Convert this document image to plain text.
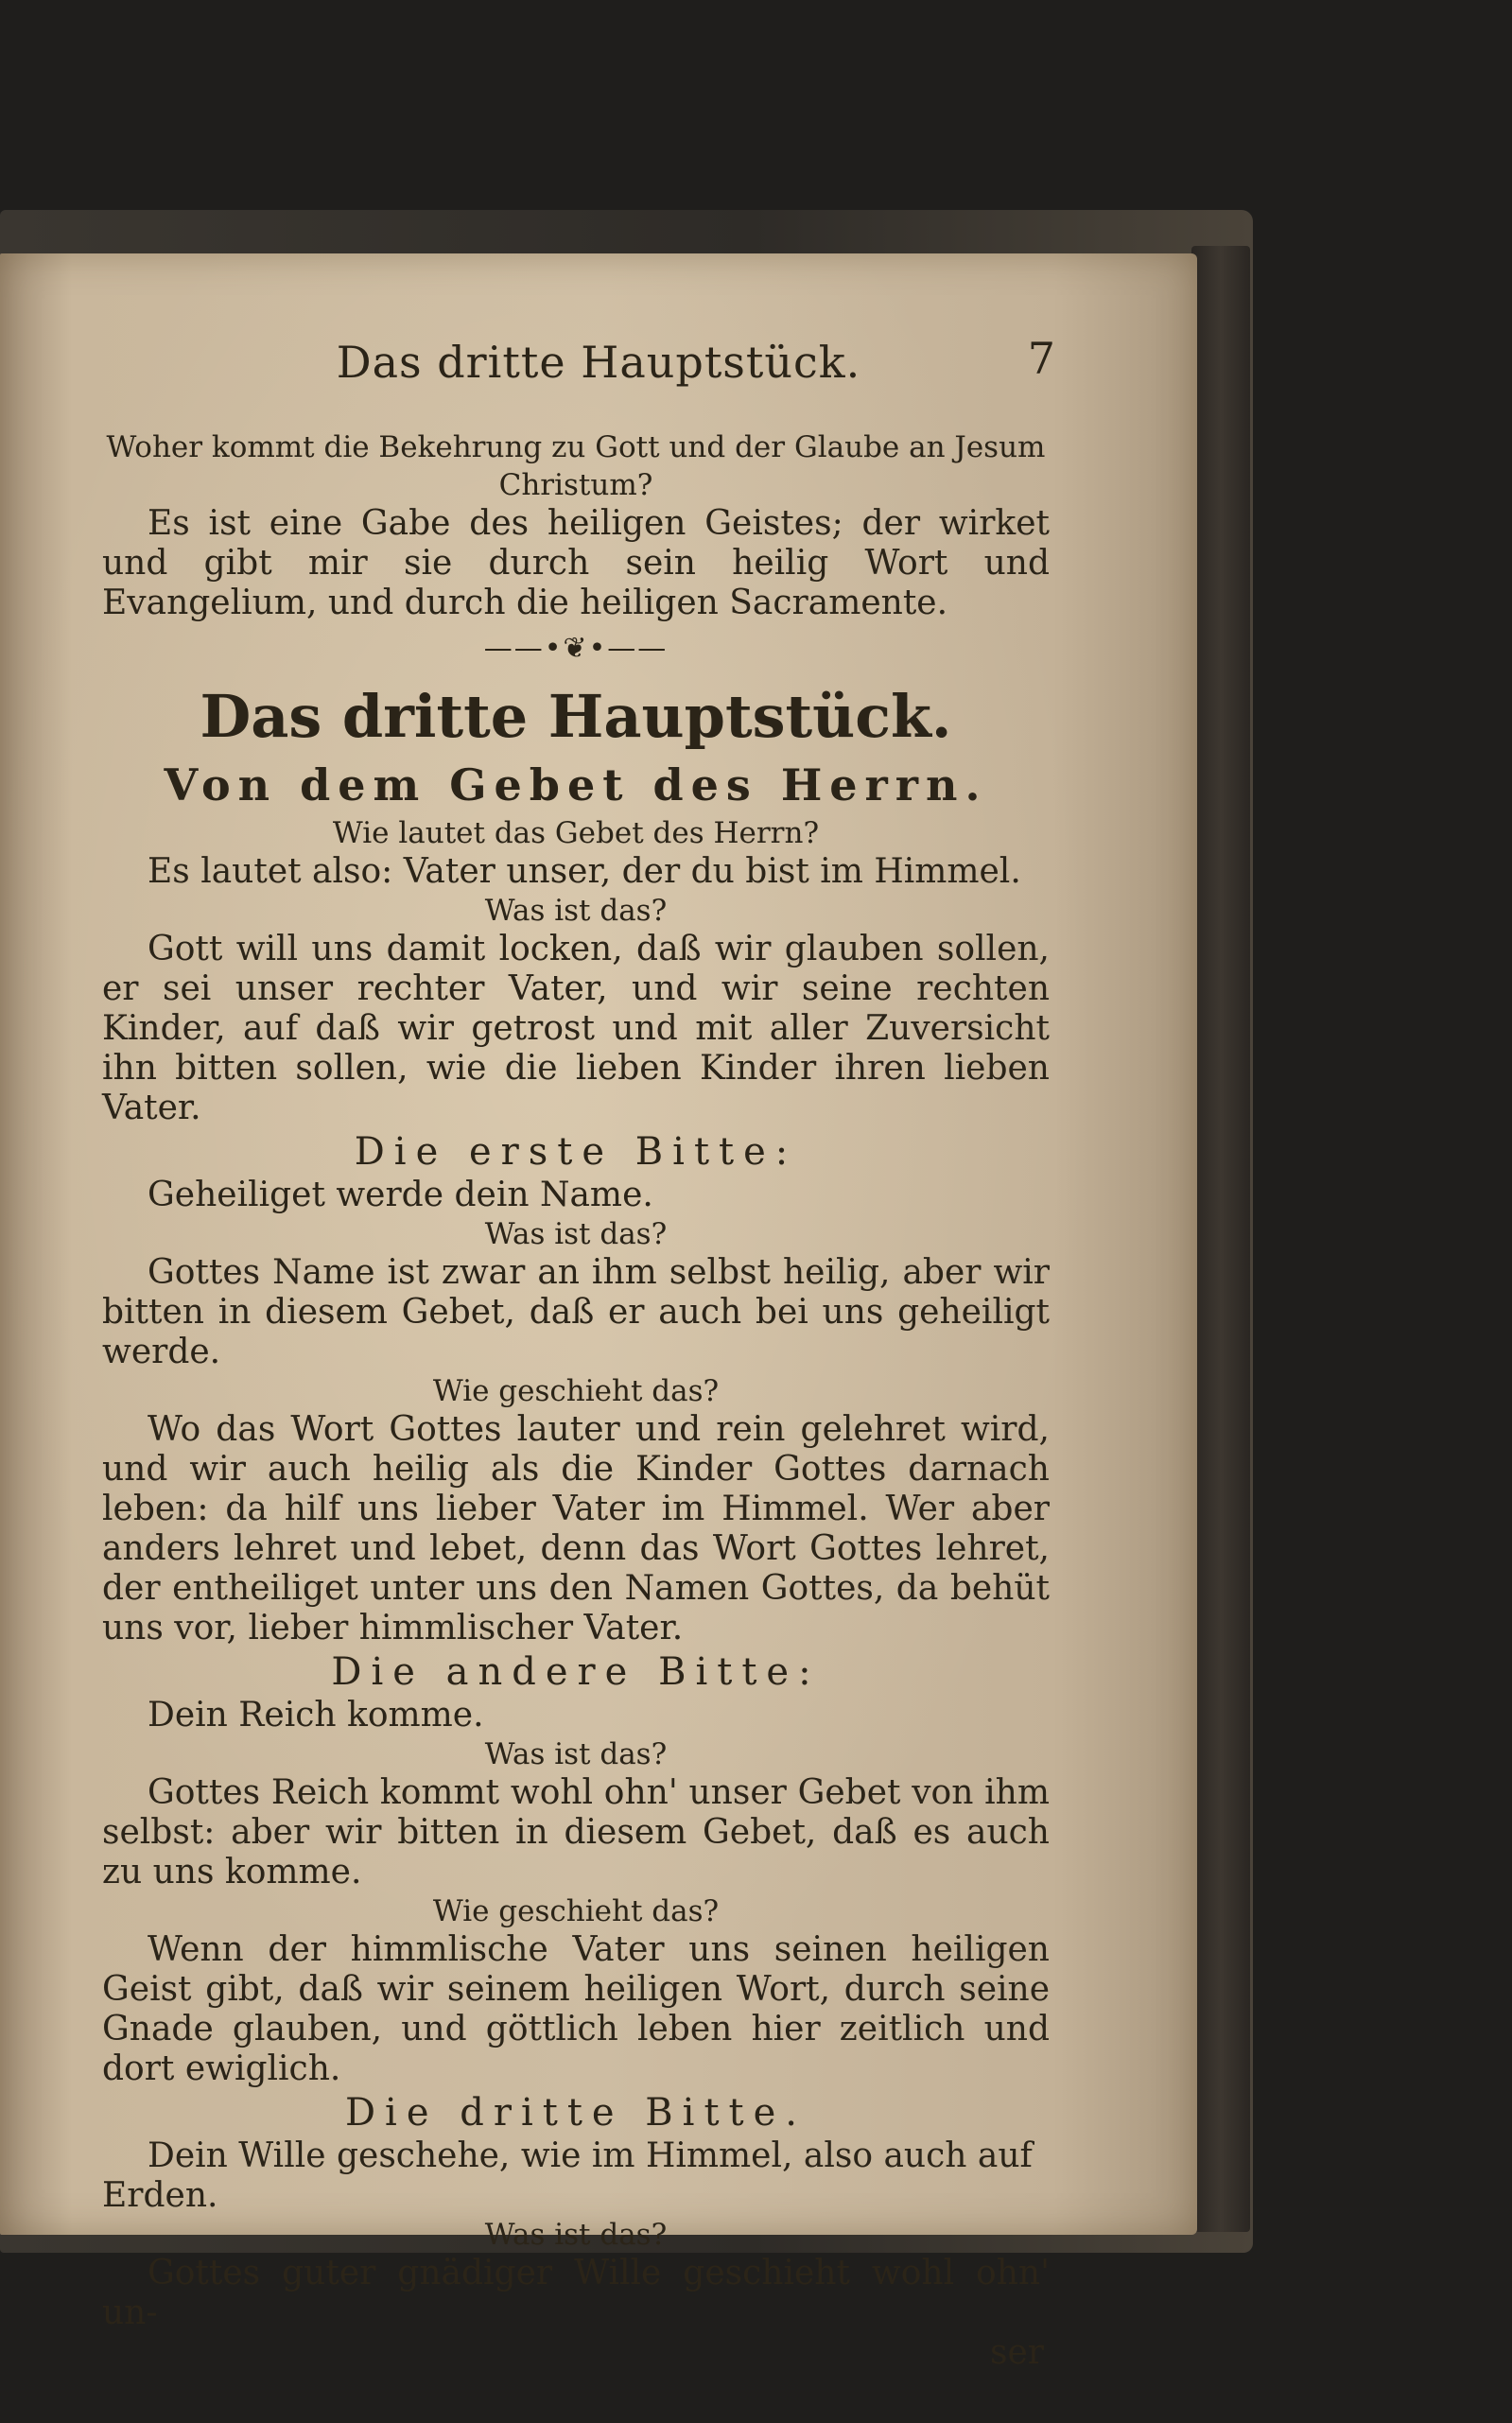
Das dritte Hauptstück.	7

Woher kommt die Bekehrung zu Gott und der Glaube an Jesum Christum?

Es ist eine Gabe des heiligen Geistes; der wirket und gibt mir sie durch sein heilig Wort und Evangelium, und durch die heiligen Sacramente.

——•❦•——
Das dritte Hauptstück.
Von dem Gebet des Herrn.

Wie lautet das Gebet des Herrn?

Es lautet also: Vater unser, der du bist im Himmel.

Was ist das?

Gott will uns damit locken, daß wir glauben sollen, er sei unser rechter Vater, und wir seine rechten Kinder, auf daß wir getrost und mit aller Zuversicht ihn bitten sollen, wie die lieben Kinder ihren lieben Vater.

Die erste Bitte:

Geheiliget werde dein Name.

Was ist das?

Gottes Name ist zwar an ihm selbst heilig, aber wir bitten in diesem Gebet, daß er auch bei uns geheiligt werde.

Wie geschieht das?

Wo das Wort Gottes lauter und rein gelehret wird, und wir auch heilig als die Kinder Gottes darnach leben: da hilf uns lieber Vater im Himmel. Wer aber anders lehret und lebet, denn das Wort Gottes lehret, der entheiliget unter uns den Namen Gottes, da behüt uns vor, lieber himmlischer Vater.

Die andere Bitte:

Dein Reich komme.

Was ist das?

Gottes Reich kommt wohl ohn' unser Gebet von ihm selbst: aber wir bitten in diesem Gebet, daß es auch zu uns komme.

Wie geschieht das?

Wenn der himmlische Vater uns seinen heiligen Geist gibt, daß wir seinem heiligen Wort, durch seine Gnade glauben, und göttlich leben hier zeitlich und dort ewiglich.

Die dritte Bitte.

Dein Wille geschehe, wie im Himmel, also auch auf Erden.

Was ist das?

Gottes guter gnädiger Wille geschieht wohl ohn' un-

ser
